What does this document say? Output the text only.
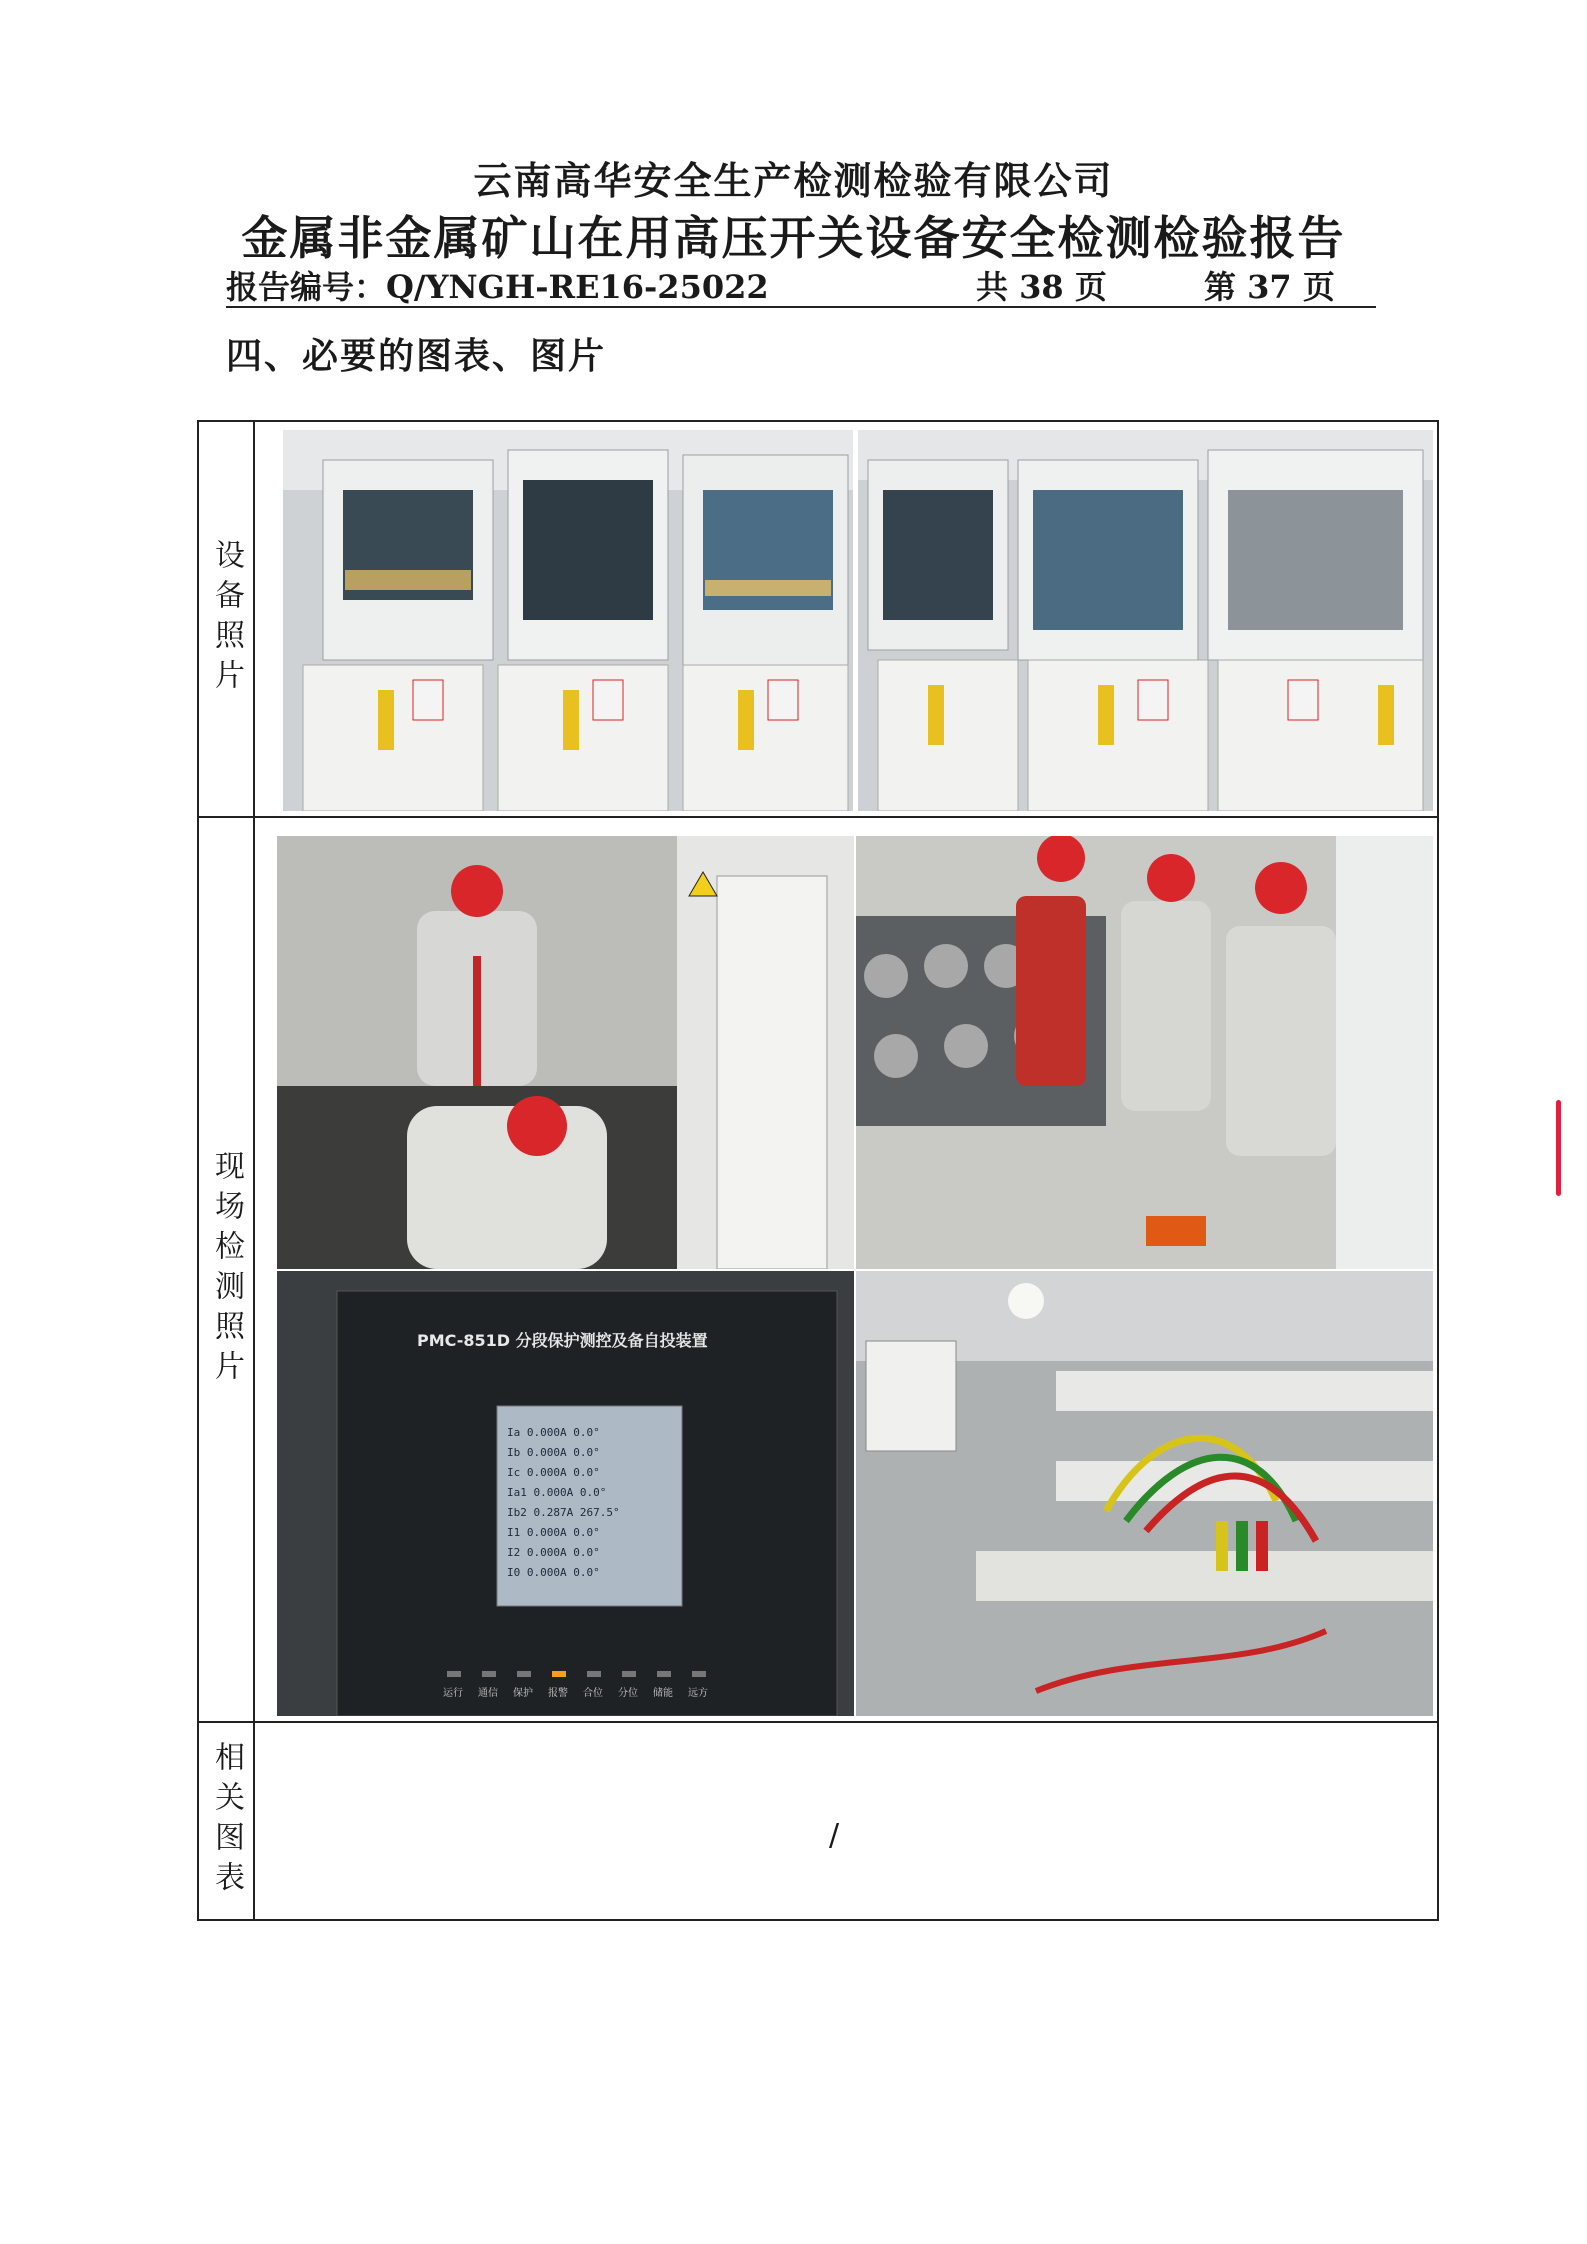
云南高华安全生产检测检验有限公司
金属非金属矿山在用高压开关设备安全检测检验报告
报告编号：Q/YNGH-RE16-25022	共 38 页	第 37 页
四、必要的图表、图片
设备照片
现场检测照片	PMC-851D 分段保护测控及备自投装置
Ia 0.000A 0.0°
Ib 0.000A 0.0°
Ic 0.000A 0.0°
Ia1 0.000A 0.0°
Ib2 0.287A 267.5°
I1 0.000A 0.0°
I2 0.000A 0.0°
I0 0.000A 0.0°
运行 通信 保护 报警 合位 分位 储能 远方
相关图表	/
